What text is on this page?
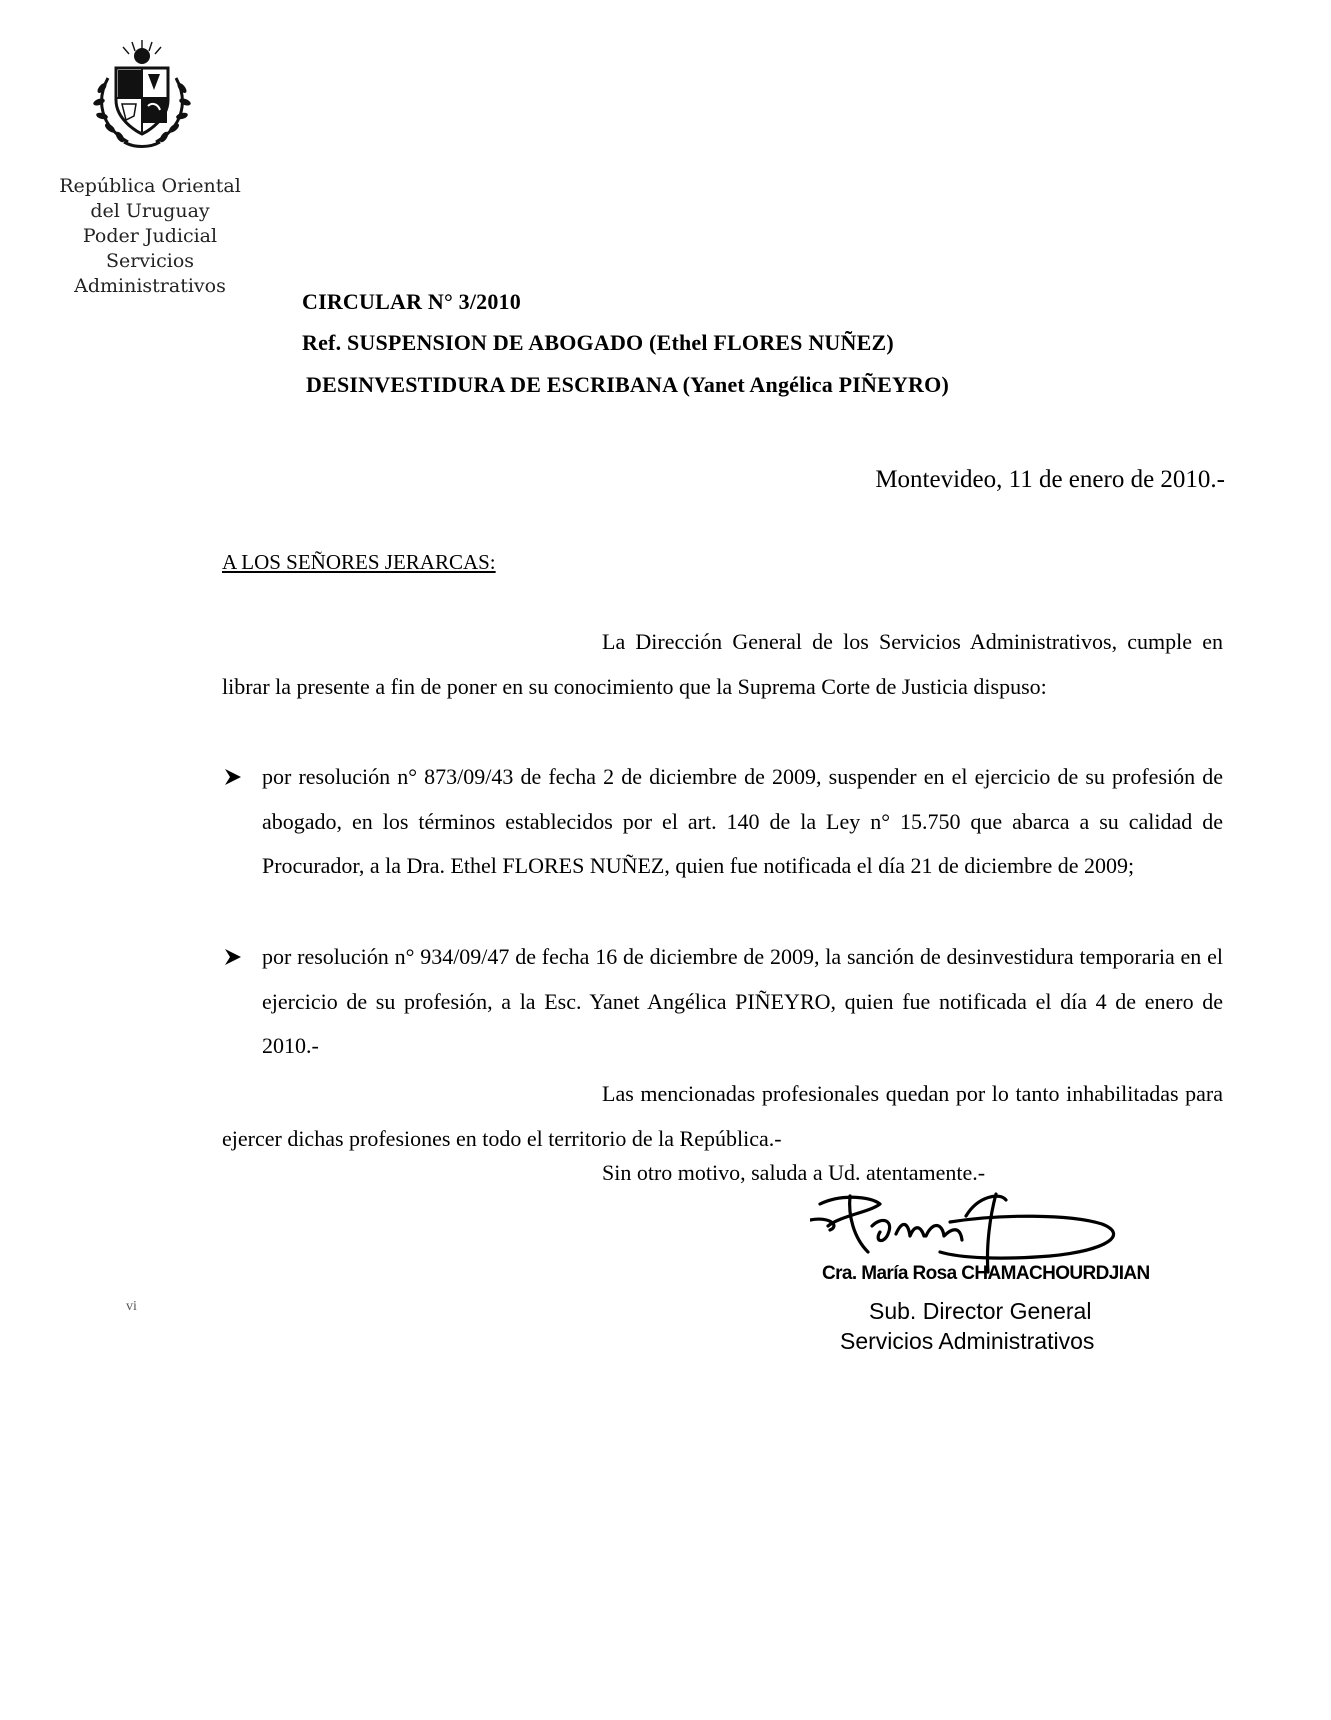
República Oriental
del Uruguay
Poder Judicial
Servicios
Administrativos
CIRCULAR N° 3/2010
Ref. SUSPENSION DE ABOGADO (Ethel FLORES NUÑEZ)
DESINVESTIDURA DE ESCRIBANA (Yanet Angélica PIÑEYRO)
Montevideo, 11 de enero de 2010.-
A LOS SEÑORES JERARCAS:
La Dirección General de los Servicios Administrativos, cumple en librar la presente a fin de poner en su conocimiento que la Suprema Corte de Justicia dispuso:
por resolución n° 873/09/43 de fecha 2 de diciembre de 2009, suspender en el ejercicio de su profesión de abogado, en los términos establecidos por el art. 140 de la Ley n° 15.750 que abarca a su calidad de Procurador, a la Dra. Ethel FLORES NUÑEZ, quien fue notificada el día 21 de diciembre de 2009;
por resolución n° 934/09/47 de fecha 16 de diciembre de 2009, la sanción de desinvestidura temporaria en el ejercicio de su profesión, a la Esc. Yanet Angélica PIÑEYRO, quien fue notificada el día 4 de enero de 2010.-
Las mencionadas profesionales quedan por lo tanto inhabilitadas para ejercer dichas profesiones en todo el territorio de la República.-
Sin otro motivo, saluda a Ud. atentamente.-
Cra. María Rosa CHAMACHOURDJIAN
Sub. Director General
Servicios Administrativos
vi
